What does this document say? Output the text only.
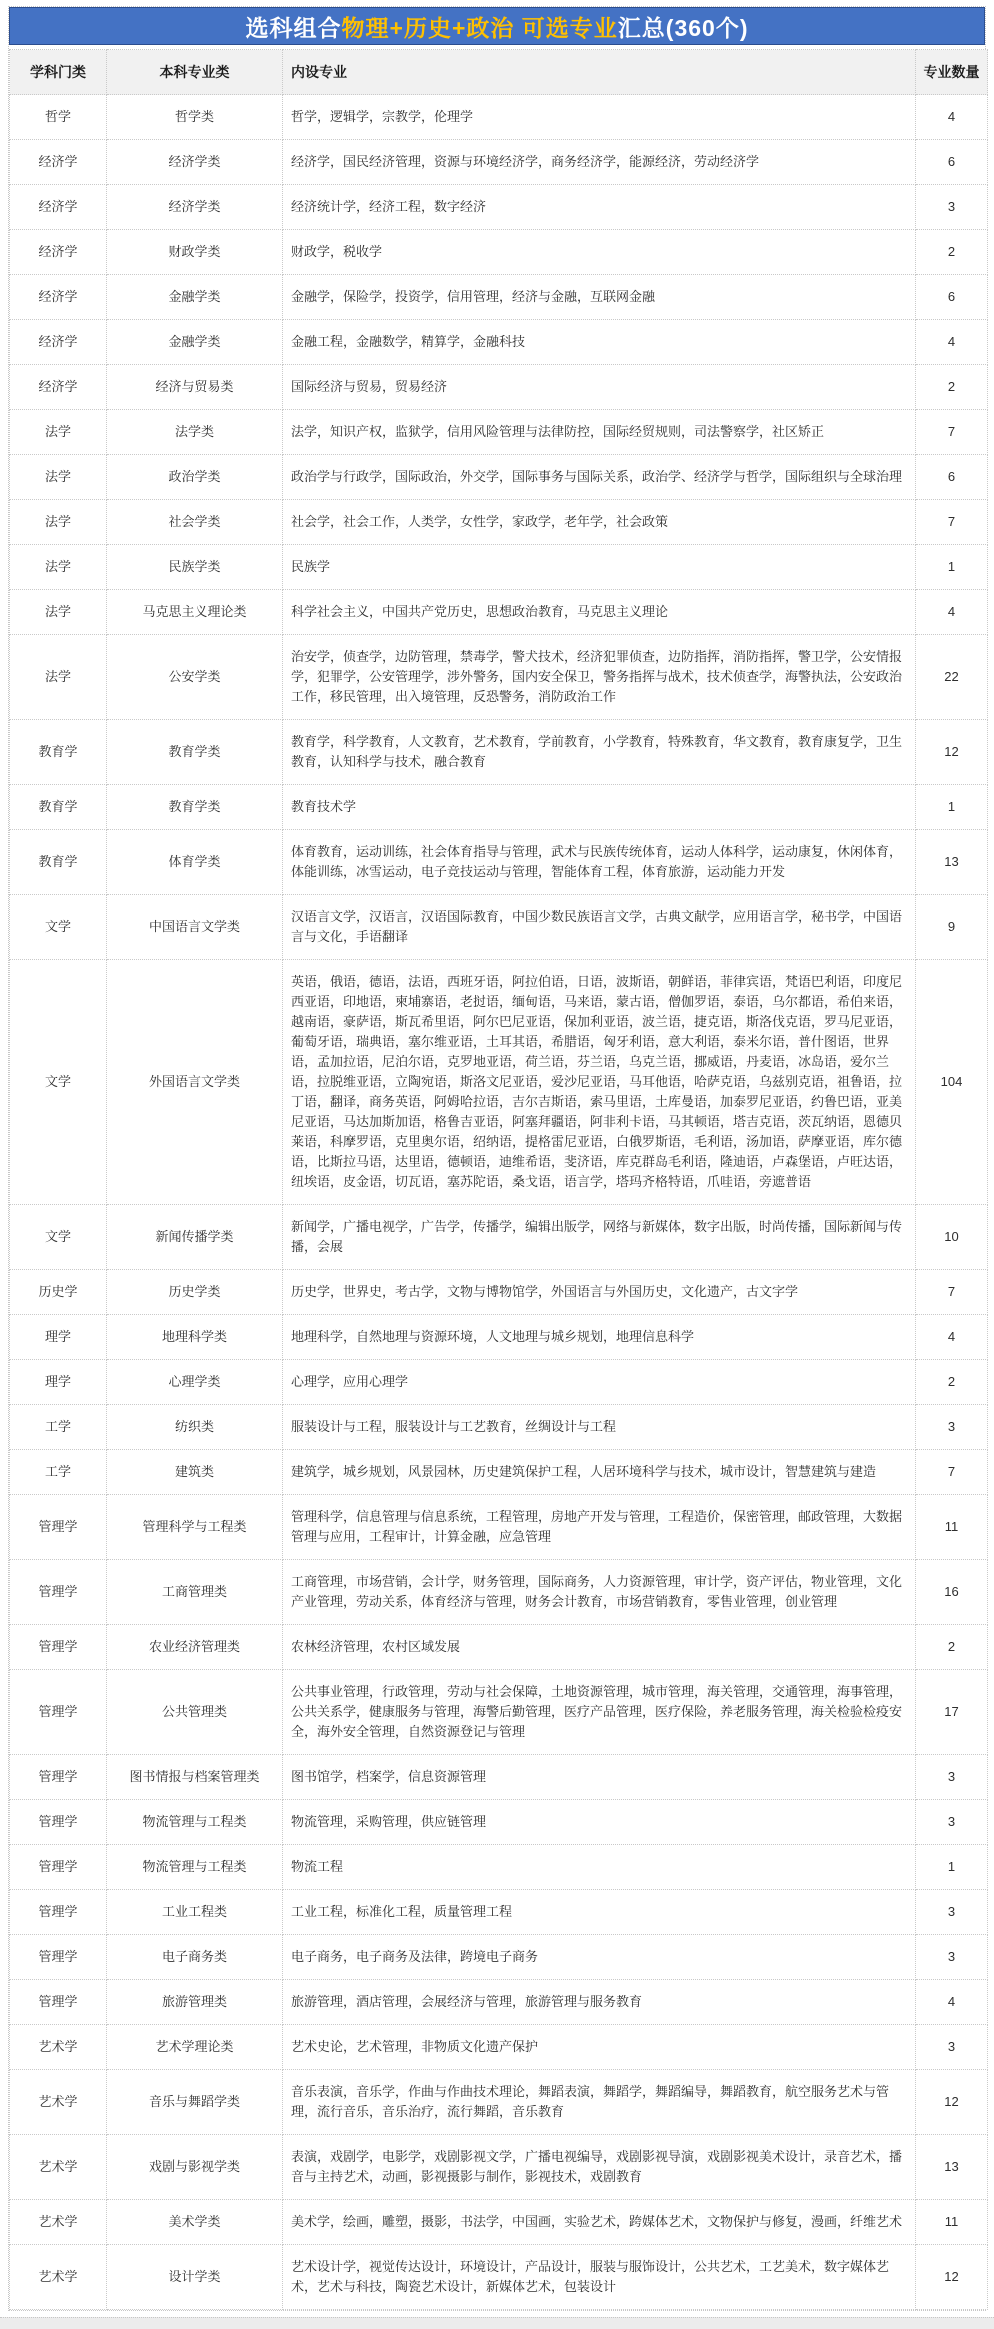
选科组合 物理+历史+政治 可选专业 汇总(360个)
学科门类	本科专业类	内设专业	专业数量
哲学	哲学类	哲学，逻辑学，宗教学，伦理学	4
经济学	经济学类	经济学，国民经济管理，资源与环境经济学，商务经济学，能源经济，劳动经济学	6
经济学	经济学类	经济统计学，经济工程，数字经济	3
经济学	财政学类	财政学，税收学	2
经济学	金融学类	金融学，保险学，投资学，信用管理，经济与金融，互联网金融	6
经济学	金融学类	金融工程，金融数学，精算学，金融科技	4
经济学	经济与贸易类	国际经济与贸易，贸易经济	2
法学	法学类	法学，知识产权，监狱学，信用风险管理与法律防控，国际经贸规则，司法警察学，社区矫正	7
法学	政治学类	政治学与行政学，国际政治，外交学，国际事务与国际关系，政治学、经济学与哲学，国际组织与全球治理	6
法学	社会学类	社会学，社会工作，人类学，女性学，家政学，老年学，社会政策	7
法学	民族学类	民族学	1
法学	马克思主义理论类	科学社会主义，中国共产党历史，思想政治教育，马克思主义理论	4
法学	公安学类	治安学，侦查学，边防管理，禁毒学，警犬技术，经济犯罪侦查，边防指挥，消防指挥，警卫学，公安情报学，犯罪学，公安管理学，涉外警务，国内安全保卫，警务指挥与战术，技术侦查学，海警执法，公安政治工作，移民管理，出入境管理，反恐警务，消防政治工作	22
教育学	教育学类	教育学，科学教育，人文教育，艺术教育，学前教育，小学教育，特殊教育，华文教育，教育康复学，卫生教育，认知科学与技术，融合教育	12
教育学	教育学类	教育技术学	1
教育学	体育学类	体育教育，运动训练，社会体育指导与管理，武术与民族传统体育，运动人体科学，运动康复，休闲体育，体能训练，冰雪运动，电子竞技运动与管理，智能体育工程，体育旅游，运动能力开发	13
文学	中国语言文学类	汉语言文学，汉语言，汉语国际教育，中国少数民族语言文学，古典文献学，应用语言学，秘书学，中国语言与文化，手语翻译	9
文学	外国语言文学类	英语，俄语，德语，法语，西班牙语，阿拉伯语，日语，波斯语，朝鲜语，菲律宾语，梵语巴利语，印度尼西亚语，印地语，柬埔寨语，老挝语，缅甸语，马来语，蒙古语，僧伽罗语，泰语，乌尔都语，希伯来语，越南语，豪萨语，斯瓦希里语，阿尔巴尼亚语，保加利亚语，波兰语，捷克语，斯洛伐克语，罗马尼亚语，葡萄牙语，瑞典语，塞尔维亚语，土耳其语，希腊语，匈牙利语，意大利语，泰米尔语，普什图语，世界语，孟加拉语，尼泊尔语，克罗地亚语，荷兰语，芬兰语，乌克兰语，挪威语，丹麦语，冰岛语，爱尔兰语，拉脱维亚语，立陶宛语，斯洛文尼亚语，爱沙尼亚语，马耳他语，哈萨克语，乌兹别克语，祖鲁语，拉丁语，翻译，商务英语，阿姆哈拉语，吉尔吉斯语，索马里语，土库曼语，加泰罗尼亚语，约鲁巴语，亚美尼亚语，马达加斯加语，格鲁吉亚语，阿塞拜疆语，阿非利卡语，马其顿语，塔吉克语，茨瓦纳语，恩德贝莱语，科摩罗语，克里奥尔语，绍纳语，提格雷尼亚语，白俄罗斯语，毛利语，汤加语，萨摩亚语，库尔德语，比斯拉马语，达里语，德顿语，迪维希语，斐济语，库克群岛毛利语，隆迪语，卢森堡语，卢旺达语，纽埃语，皮金语，切瓦语，塞苏陀语，桑戈语，语言学，塔玛齐格特语，爪哇语，旁遮普语	104
文学	新闻传播学类	新闻学，广播电视学，广告学，传播学，编辑出版学，网络与新媒体，数字出版，时尚传播，国际新闻与传播，会展	10
历史学	历史学类	历史学，世界史，考古学，文物与博物馆学，外国语言与外国历史，文化遗产，古文字学	7
理学	地理科学类	地理科学，自然地理与资源环境，人文地理与城乡规划，地理信息科学	4
理学	心理学类	心理学，应用心理学	2
工学	纺织类	服装设计与工程，服装设计与工艺教育，丝绸设计与工程	3
工学	建筑类	建筑学，城乡规划，风景园林，历史建筑保护工程，人居环境科学与技术，城市设计，智慧建筑与建造	7
管理学	管理科学与工程类	管理科学，信息管理与信息系统，工程管理，房地产开发与管理，工程造价，保密管理，邮政管理，大数据管理与应用，工程审计，计算金融，应急管理	11
管理学	工商管理类	工商管理，市场营销，会计学，财务管理，国际商务，人力资源管理，审计学，资产评估，物业管理，文化产业管理，劳动关系，体育经济与管理，财务会计教育，市场营销教育，零售业管理，创业管理	16
管理学	农业经济管理类	农林经济管理，农村区域发展	2
管理学	公共管理类	公共事业管理，行政管理，劳动与社会保障，土地资源管理，城市管理，海关管理，交通管理，海事管理，公共关系学，健康服务与管理，海警后勤管理，医疗产品管理，医疗保险，养老服务管理，海关检验检疫安全，海外安全管理，自然资源登记与管理	17
管理学	图书情报与档案管理类	图书馆学，档案学，信息资源管理	3
管理学	物流管理与工程类	物流管理，采购管理，供应链管理	3
管理学	物流管理与工程类	物流工程	1
管理学	工业工程类	工业工程，标准化工程，质量管理工程	3
管理学	电子商务类	电子商务，电子商务及法律，跨境电子商务	3
管理学	旅游管理类	旅游管理，酒店管理，会展经济与管理，旅游管理与服务教育	4
艺术学	艺术学理论类	艺术史论，艺术管理，非物质文化遗产保护	3
艺术学	音乐与舞蹈学类	音乐表演，音乐学，作曲与作曲技术理论，舞蹈表演，舞蹈学，舞蹈编导，舞蹈教育，航空服务艺术与管理，流行音乐，音乐治疗，流行舞蹈，音乐教育	12
艺术学	戏剧与影视学类	表演，戏剧学，电影学，戏剧影视文学，广播电视编导，戏剧影视导演，戏剧影视美术设计，录音艺术，播音与主持艺术，动画，影视摄影与制作，影视技术，戏剧教育	13
艺术学	美术学类	美术学，绘画，雕塑，摄影，书法学，中国画，实验艺术，跨媒体艺术，文物保护与修复，漫画，纤维艺术	11
艺术学	设计学类	艺术设计学，视觉传达设计，环境设计，产品设计，服装与服饰设计，公共艺术，工艺美术，数字媒体艺术，艺术与科技，陶瓷艺术设计，新媒体艺术，包装设计	12
